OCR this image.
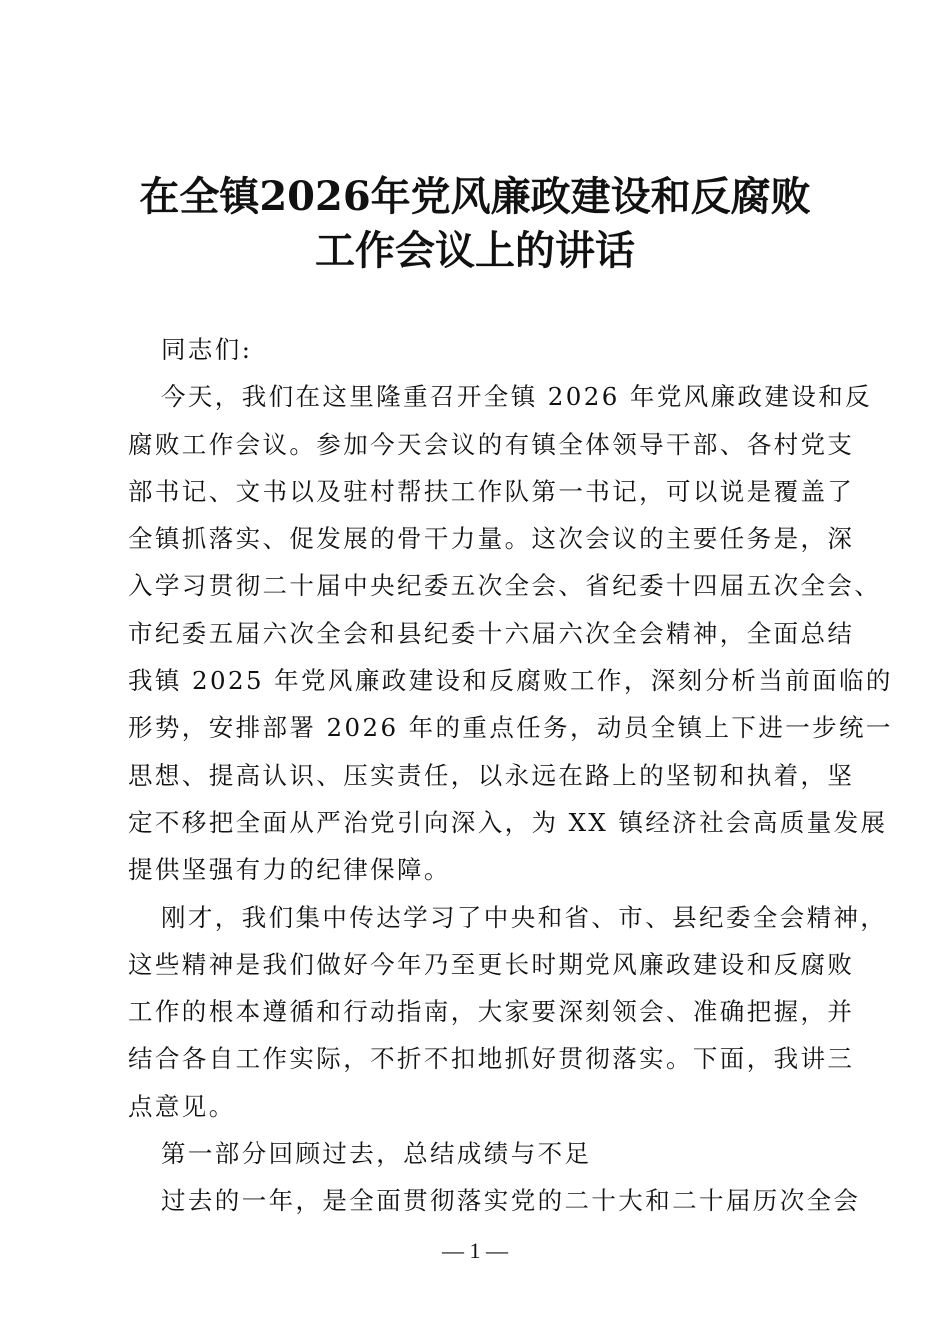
在全镇2026年党风廉政建设和反腐败
工作会议上的讲话
同志们:
今天，我们在这里隆重召开全镇 2026 年党风廉政建设和反
腐败工作会议。参加今天会议的有镇全体领导干部、各村党支
部书记、文书以及驻村帮扶工作队第一书记，可以说是覆盖了
全镇抓落实、促发展的骨干力量。这次会议的主要任务是，深
入学习贯彻二十届中央纪委五次全会、省纪委十四届五次全会、
市纪委五届六次全会和县纪委十六届六次全会精神，全面总结
我镇 2025 年党风廉政建设和反腐败工作，深刻分析当前面临的
形势，安排部署 2026 年的重点任务，动员全镇上下进一步统一
思想、提高认识、压实责任，以永远在路上的坚韧和执着，坚
定不移把全面从严治党引向深入，为 XX 镇经济社会高质量发展
提供坚强有力的纪律保障。
刚才，我们集中传达学习了中央和省、市、县纪委全会精神，
这些精神是我们做好今年乃至更长时期党风廉政建设和反腐败
工作的根本遵循和行动指南，大家要深刻领会、准确把握，并
结合各自工作实际，不折不扣地抓好贯彻落实。下面，我讲三
点意见。
第一部分回顾过去，总结成绩与不足
过去的一年，是全面贯彻落实党的二十大和二十届历次全会
— 1 —
